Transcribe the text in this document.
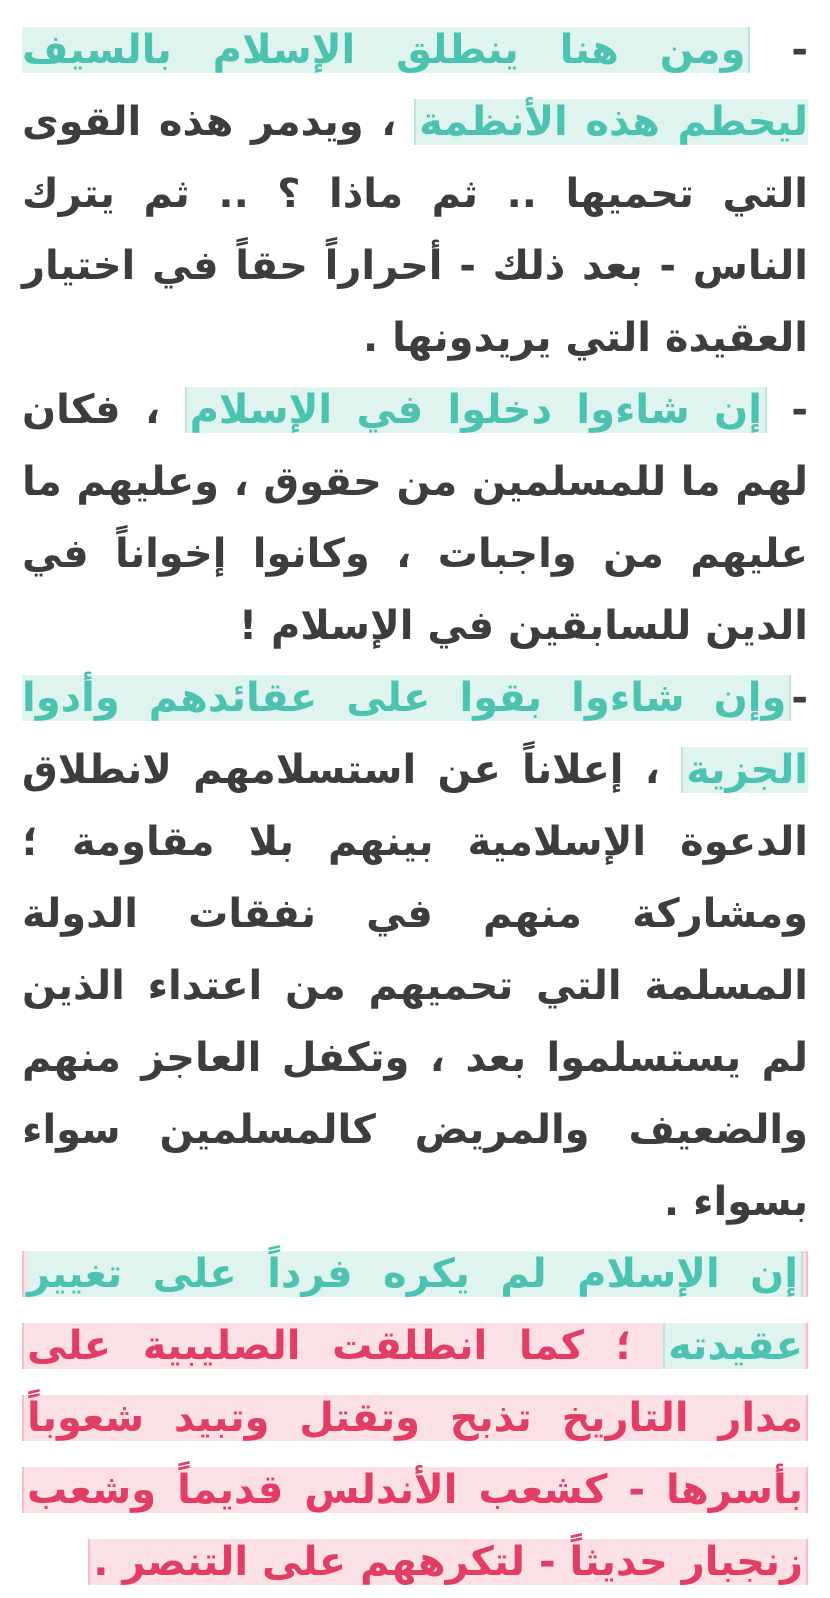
- ومن هنا ينطلق الإسلام بالسيف ليحطم هذه الأنظمة ، ويدمر هذه القوى التي تحميها .. ثم ماذا ؟ .. ثم يترك الناس - بعد ذلك - أحراراً حقاً في اختيار العقيدة التي يريدونها .

- إن شاءوا دخلوا في الإسلام ، فكان لهم ما للمسلمين من حقوق ، وعليهم ما عليهم من واجبات ، وكانوا إخواناً في الدين للسابقين في الإسلام !

-وإن شاءوا بقوا على عقائدهم وأدوا الجزية ، إعلاناً عن استسلامهم لانطلاق الدعوة الإسلامية بينهم بلا مقاومة ؛ ومشاركة منهم في نفقات الدولة المسلمة التي تحميهم من اعتداء الذين لم يستسلموا بعد ، وتكفل العاجز منهم والضعيف والمريض كالمسلمين سواء بسواء .

إن الإسلام لم يكره فرداً على تغيير عقيدته ؛ كما انطلقت الصليبية على مدار التاريخ تذبح وتقتل وتبيد شعوباً بأسرها - كشعب الأندلس قديماً وشعب زنجبار حديثاً - لتكرههم على التنصر .
